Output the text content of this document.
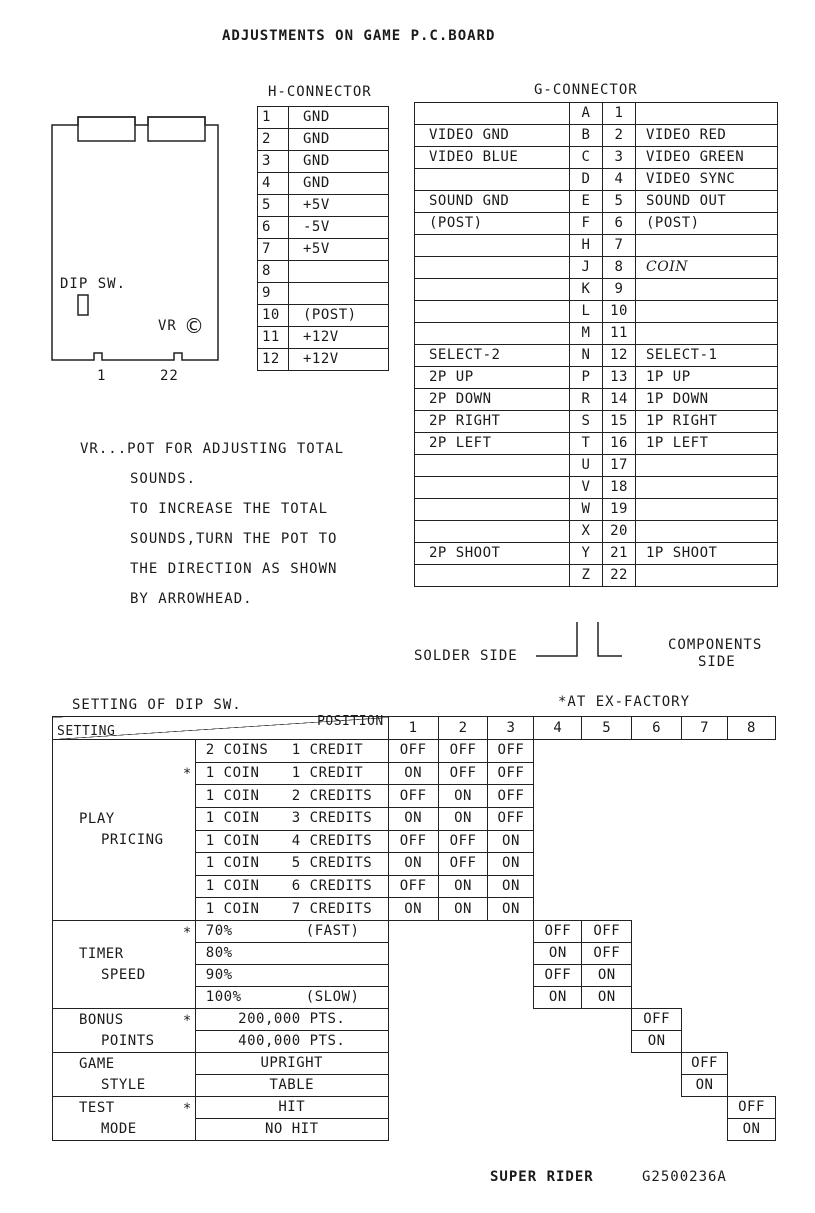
ADJUSTMENTS ON GAME P.C.BOARD
DIP SW.
VR ©
1	22
H-CONNECTOR
1	GND
2	GND
3	GND
4	GND
5	+5V
6	-5V
7	+5V
8	
9	
10	(POST)
11	+12V
12	+12V
G-CONNECTOR
	A	1	
VIDEO GND	B	2	VIDEO RED
VIDEO BLUE	C	3	VIDEO GREEN
	D	4	VIDEO SYNC
SOUND GND	E	5	SOUND OUT
(POST)	F	6	(POST)
	H	7	
	J	8	COIN
	K	9	
	L	10	
	M	11	
SELECT-2	N	12	SELECT-1
2P UP	P	13	1P UP
2P DOWN	R	14	1P DOWN
2P RIGHT	S	15	1P RIGHT
2P LEFT	T	16	1P LEFT
	U	17	
	V	18	
	W	19	
	X	20	
2P SHOOT	Y	21	1P SHOOT
	Z	22	
SOLDER SIDE
COMPONENTS
SIDE
VR...POT FOR ADJUSTING TOTAL
SOUNDS.
TO INCREASE THE TOTAL
SOUNDS,TURN THE POT TO
THE DIRECTION AS SHOWN
BY ARROWHEAD.
SETTING OF DIP SW.	*AT EX-FACTORY
SETTING
POSITION		1	2	3	4	5	6	7	8

PLAY
PRICING
*	2 COINS 1 CREDIT	OFF	OFF	OFF					
	1 COIN 1 CREDIT	ON	OFF	OFF					
	1 COIN 2 CREDITS	OFF	ON	OFF					
	1 COIN 3 CREDITS	ON	ON	OFF					
	1 COIN 4 CREDITS	OFF	OFF	ON					
	1 COIN 5 CREDITS	ON	OFF	ON					
	1 COIN 6 CREDITS	OFF	ON	ON					
	1 COIN 7 CREDITS	ON	ON	ON					

TIMER
SPEED
*	70% (FAST)				OFF	OFF			
	80%				ON	OFF			
	90%				OFF	ON			
	100% (SLOW)				ON	ON			

BONUS
POINTS
*	200,000 PTS.						OFF		
	400,000 PTS.						ON		

GAME
STYLE	UPRIGHT							OFF	
	TABLE							ON	

TEST
MODE
*	HIT								OFF
	NO HIT								ON
SUPER RIDER	G2500236A
